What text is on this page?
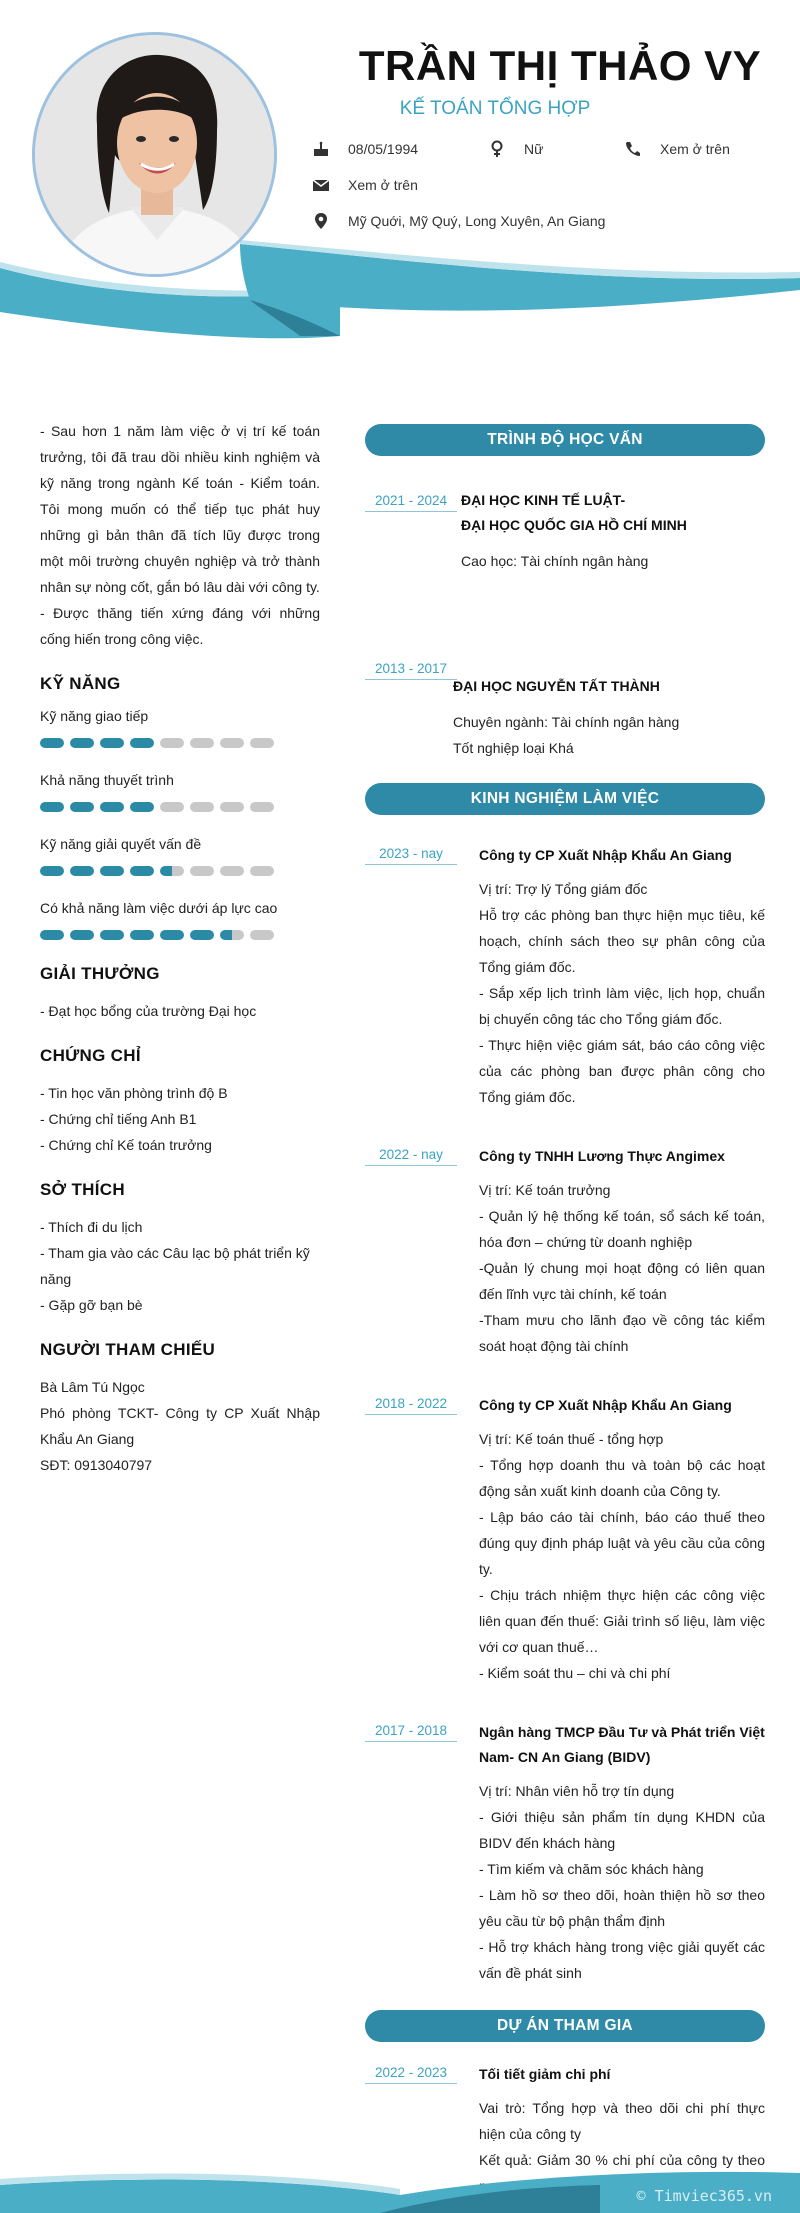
TRẦN THỊ THẢO VY
KẾ TOÁN TỔNG HỢP
08/05/1994	Nữ	Xem ở trên
Xem ở trên
Mỹ Quới, Mỹ Quý, Long Xuyên, An Giang
- Sau hơn 1 năm làm việc ở vị trí kế toán trưởng, tôi đã trau dồi nhiều kinh nghiệm và kỹ năng trong ngành Kế toán - Kiểm toán. Tôi mong muốn có thể tiếp tục phát huy những gì bản thân đã tích lũy được trong một môi trường chuyên nghiệp và trở thành nhân sự nòng cốt, gắn bó lâu dài với công ty.
- Được thăng tiến xứng đáng với những cống hiến trong công việc.
KỸ NĂNG
Kỹ năng giao tiếp
Khả năng thuyết trình
Kỹ năng giải quyết vấn đề
Có khả năng làm việc dưới áp lực cao
GIẢI THƯỞNG
- Đạt học bổng của trường Đại học
CHỨNG CHỈ
- Tin học văn phòng trình độ B
- Chứng chỉ tiếng Anh B1
- Chứng chỉ Kế toán trưởng
SỞ THÍCH
- Thích đi du lịch
- Tham gia vào các Câu lạc bộ phát triển kỹ năng
- Gặp gỡ bạn bè
NGƯỜI THAM CHIẾU
Bà Lâm Tú Ngọc
Phó phòng TCKT- Công ty CP Xuất Nhập Khẩu An Giang
SĐT: 0913040797
TRÌNH ĐỘ HỌC VẤN
2021 - 2024 ĐẠI HỌC KINH TẾ LUẬT-
ĐẠI HỌC QUỐC GIA HỒ CHÍ MINH
Cao học: Tài chính ngân hàng
2013 - 2017
ĐẠI HỌC NGUYỄN TẤT THÀNH
Chuyên ngành: Tài chính ngân hàng
Tốt nghiệp loại Khá
KINH NGHIỆM LÀM VIỆC
2023 - nay	Công ty CP Xuất Nhập Khẩu An Giang
Vị trí: Trợ lý Tổng giám đốc
Hỗ trợ các phòng ban thực hiện mục tiêu, kế hoạch, chính sách theo sự phân công của Tổng giám đốc.
- Sắp xếp lịch trình làm việc, lịch họp, chuẩn bị chuyến công tác cho Tổng giám đốc.
- Thực hiện việc giám sát, báo cáo công việc của các phòng ban được phân công cho Tổng giám đốc.
2022 - nay	Công ty TNHH Lương Thực Angimex
Vị trí: Kế toán trưởng
- Quản lý hệ thống kế toán, sổ sách kế toán, hóa đơn – chứng từ doanh nghiệp
-Quản lý chung mọi hoạt động có liên quan đến lĩnh vực tài chính, kế toán
-Tham mưu cho lãnh đạo về công tác kiểm soát hoạt động tài chính
2018 - 2022	Công ty CP Xuất Nhập Khẩu An Giang
Vị trí: Kế toán thuế - tổng hợp
- Tổng hợp doanh thu và toàn bộ các hoạt động sản xuất kinh doanh của Công ty.
- Lập báo cáo tài chính, báo cáo thuế theo đúng quy định pháp luật và yêu cầu của công ty.
- Chịu trách nhiệm thực hiện các công việc liên quan đến thuế: Giải trình số liệu, làm việc với cơ quan thuế…
- Kiểm soát thu – chi và chi phí
2017 - 2018	Ngân hàng TMCP Đầu Tư và Phát triển Việt Nam- CN An Giang (BIDV)
Vị trí: Nhân viên hỗ trợ tín dụng
- Giới thiệu sản phẩm tín dụng KHDN của BIDV đến khách hàng
- Tìm kiếm và chăm sóc khách hàng
- Làm hồ sơ theo dõi, hoàn thiện hồ sơ theo yêu cầu từ bộ phận thẩm định
- Hỗ trợ khách hàng trong việc giải quyết các vấn đề phát sinh
DỰ ÁN THAM GIA
2022 - 2023	Tối tiết giảm chi phí
Vai trò: Tổng hợp và theo dõi chi phí thực hiện của công ty
Kết quả: Giảm 30 % chi phí của công ty theo
© Timviec365.vn
